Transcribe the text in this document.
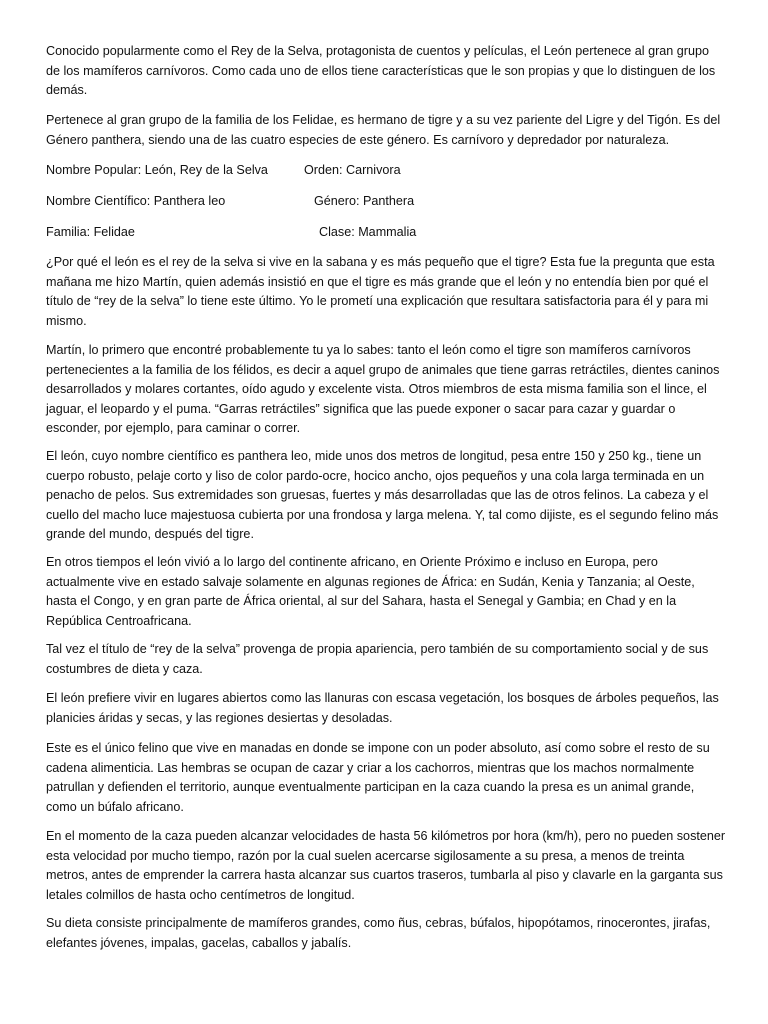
Conocido popularmente como el Rey de la Selva, protagonista de cuentos y películas, el León pertenece al gran grupo de los mamíferos carnívoros. Como cada uno de ellos tiene características que le son propias y que lo distinguen de los demás.

Pertenece al gran grupo de la familia de los Felidae, es hermano de tigre y a su vez pariente del Ligre y del Tigón. Es del Género panthera, siendo una de las cuatro especies de este género. Es carnívoro y depredador por naturaleza.

Nombre Popular: León, Rey de la Selva	Orden: Carnivora
Nombre Científico: Panthera leo	Género: Panthera
Familia: Felidae	Clase: Mammalia

¿Por qué el león es el rey de la selva si vive en la sabana y es más pequeño que el tigre? Esta fue la pregunta que esta mañana me hizo Martín, quien además insistió en que el tigre es más grande que el león y no entendía bien por qué el título de “rey de la selva” lo tiene este último. Yo le prometí una explicación que resultara satisfactoria para él y para mi mismo.

Martín, lo primero que encontré probablemente tu ya lo sabes: tanto el león como el tigre son mamíferos carnívoros pertenecientes a la familia de los félidos, es decir a aquel grupo de animales que tiene garras retráctiles, dientes caninos desarrollados y molares cortantes, oído agudo y excelente vista. Otros miembros de esta misma familia son el lince, el jaguar, el leopardo y el puma. “Garras retráctiles” significa que las puede exponer o sacar para cazar y guardar o esconder, por ejemplo, para caminar o correr.

El león, cuyo nombre científico es panthera leo, mide unos dos metros de longitud, pesa entre 150 y 250 kg., tiene un cuerpo robusto, pelaje corto y liso de color pardo-ocre, hocico ancho, ojos pequeños y una cola larga terminada en un penacho de pelos. Sus extremidades son gruesas, fuertes y más desarrolladas que las de otros felinos. La cabeza y el cuello del macho luce majestuosa cubierta por una frondosa y larga melena. Y, tal como dijiste, es el segundo felino más grande del mundo, después del tigre.

En otros tiempos el león vivió a lo largo del continente africano, en Oriente Próximo e incluso en Europa, pero actualmente vive en estado salvaje solamente en algunas regiones de África: en Sudán, Kenia y Tanzania; al Oeste, hasta el Congo, y en gran parte de África oriental, al sur del Sahara, hasta el Senegal y Gambia; en Chad y en la República Centroafricana.

Tal vez el título de “rey de la selva” provenga de propia apariencia, pero también de su comportamiento social y de sus costumbres de dieta y caza.

El león prefiere vivir en lugares abiertos como las llanuras con escasa vegetación, los bosques de árboles pequeños, las planicies áridas y secas, y las regiones desiertas y desoladas.

Este es el único felino que vive en manadas en donde se impone con un poder absoluto, así como sobre el resto de su cadena alimenticia. Las hembras se ocupan de cazar y criar a los cachorros, mientras que los machos normalmente patrullan y defienden el territorio, aunque eventualmente participan en la caza cuando la presa es un animal grande, como un búfalo africano.

En el momento de la caza pueden alcanzar velocidades de hasta 56 kilómetros por hora (km/h), pero no pueden sostener esta velocidad por mucho tiempo, razón por la cual suelen acercarse sigilosamente a su presa, a menos de treinta metros, antes de emprender la carrera hasta alcanzar sus cuartos traseros, tumbarla al piso y clavarle en la garganta sus letales colmillos de hasta ocho centímetros de longitud.

Su dieta consiste principalmente de mamíferos grandes, como ñus, cebras, búfalos, hipopótamos, rinocerontes, jirafas, elefantes jóvenes, impalas, gacelas, caballos y jabalís.
